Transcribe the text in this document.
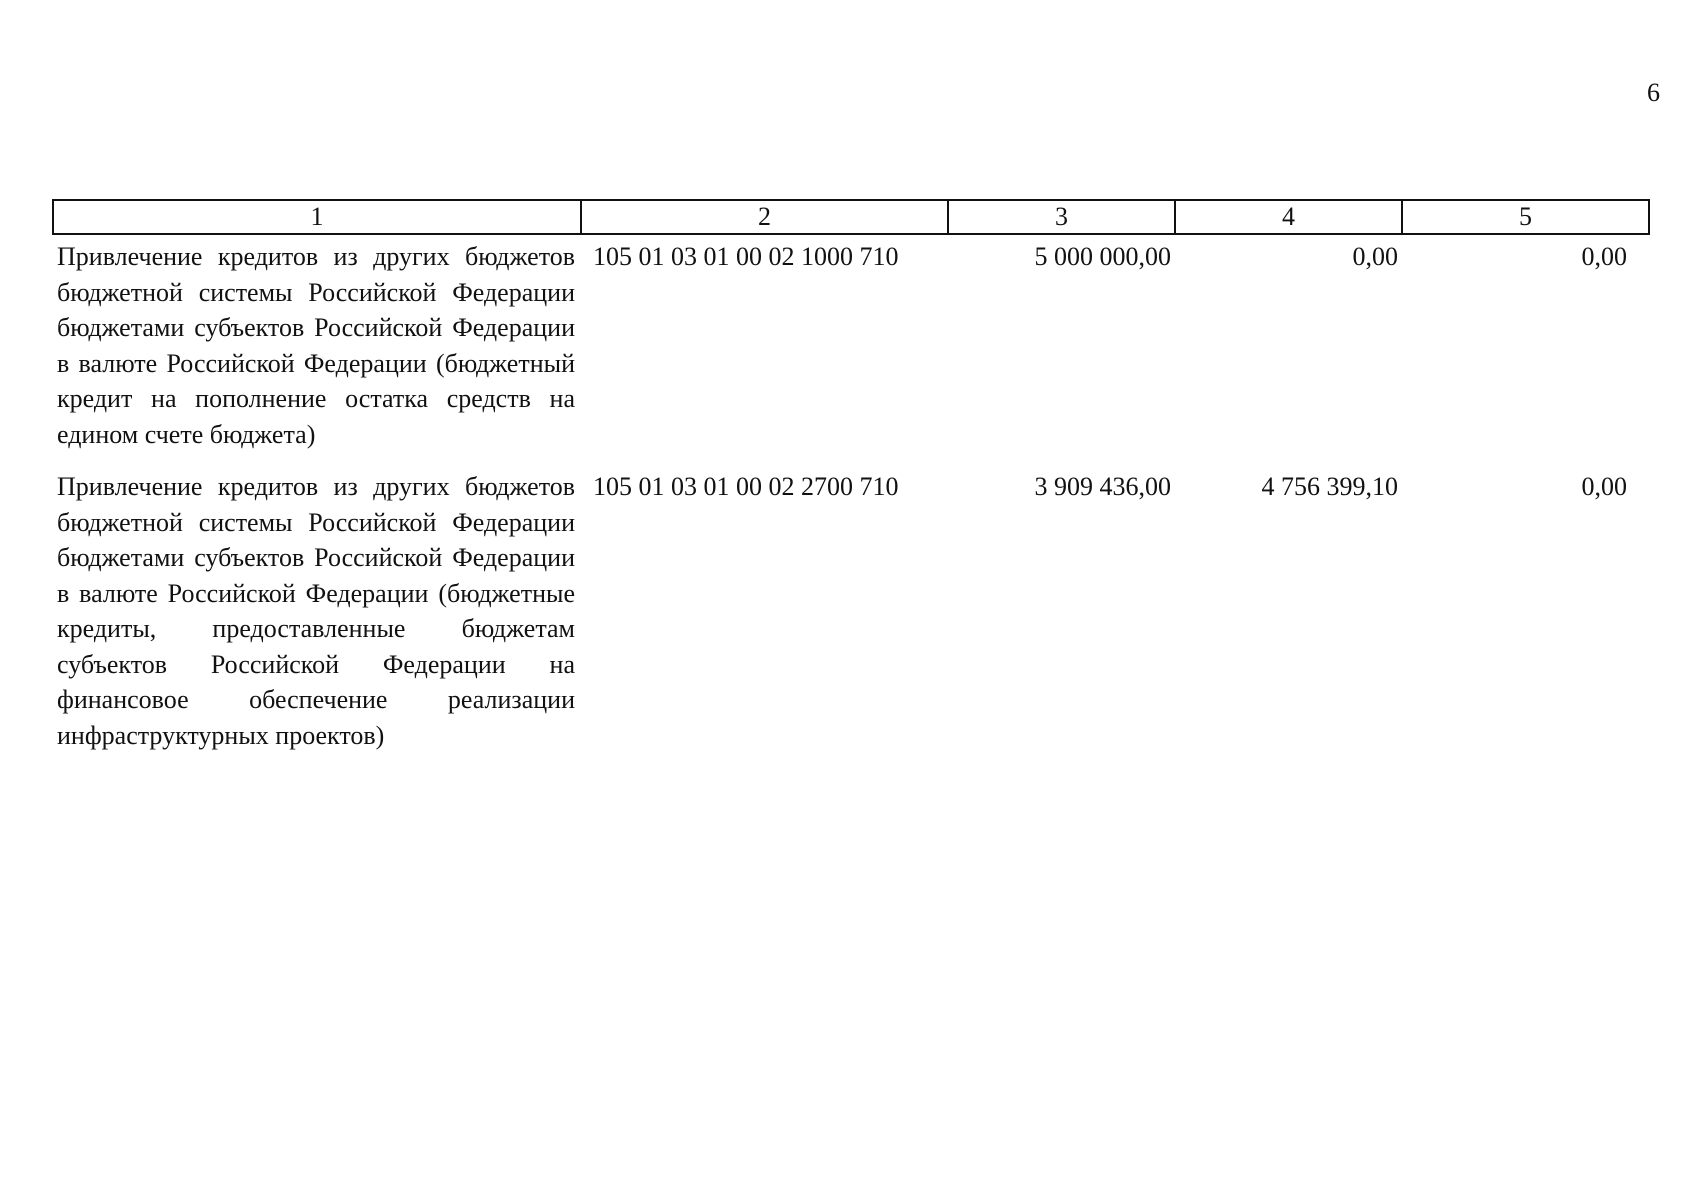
6
1	2	3	4	5
Привлечение кредитов из других бюджетов бюджетной системы Российской Федерации бюджетами субъектов Российской Федерации в валюте Российской Федерации (бюджетный кредит на пополнение остатка средств на едином счете бюджета)	105 01 03 01 00 02 1000 710	5 000 000,00	0,00	0,00
Привлечение кредитов из других бюджетов бюджетной системы Российской Федерации бюджетами субъектов Российской Федерации в валюте Российской Федерации (бюджетные кредиты, предоставленные бюджетам субъектов Российской Федерации на финансовое обеспечение реализации инфраструктурных проектов)	105 01 03 01 00 02 2700 710	3 909 436,00	4 756 399,10	0,00
